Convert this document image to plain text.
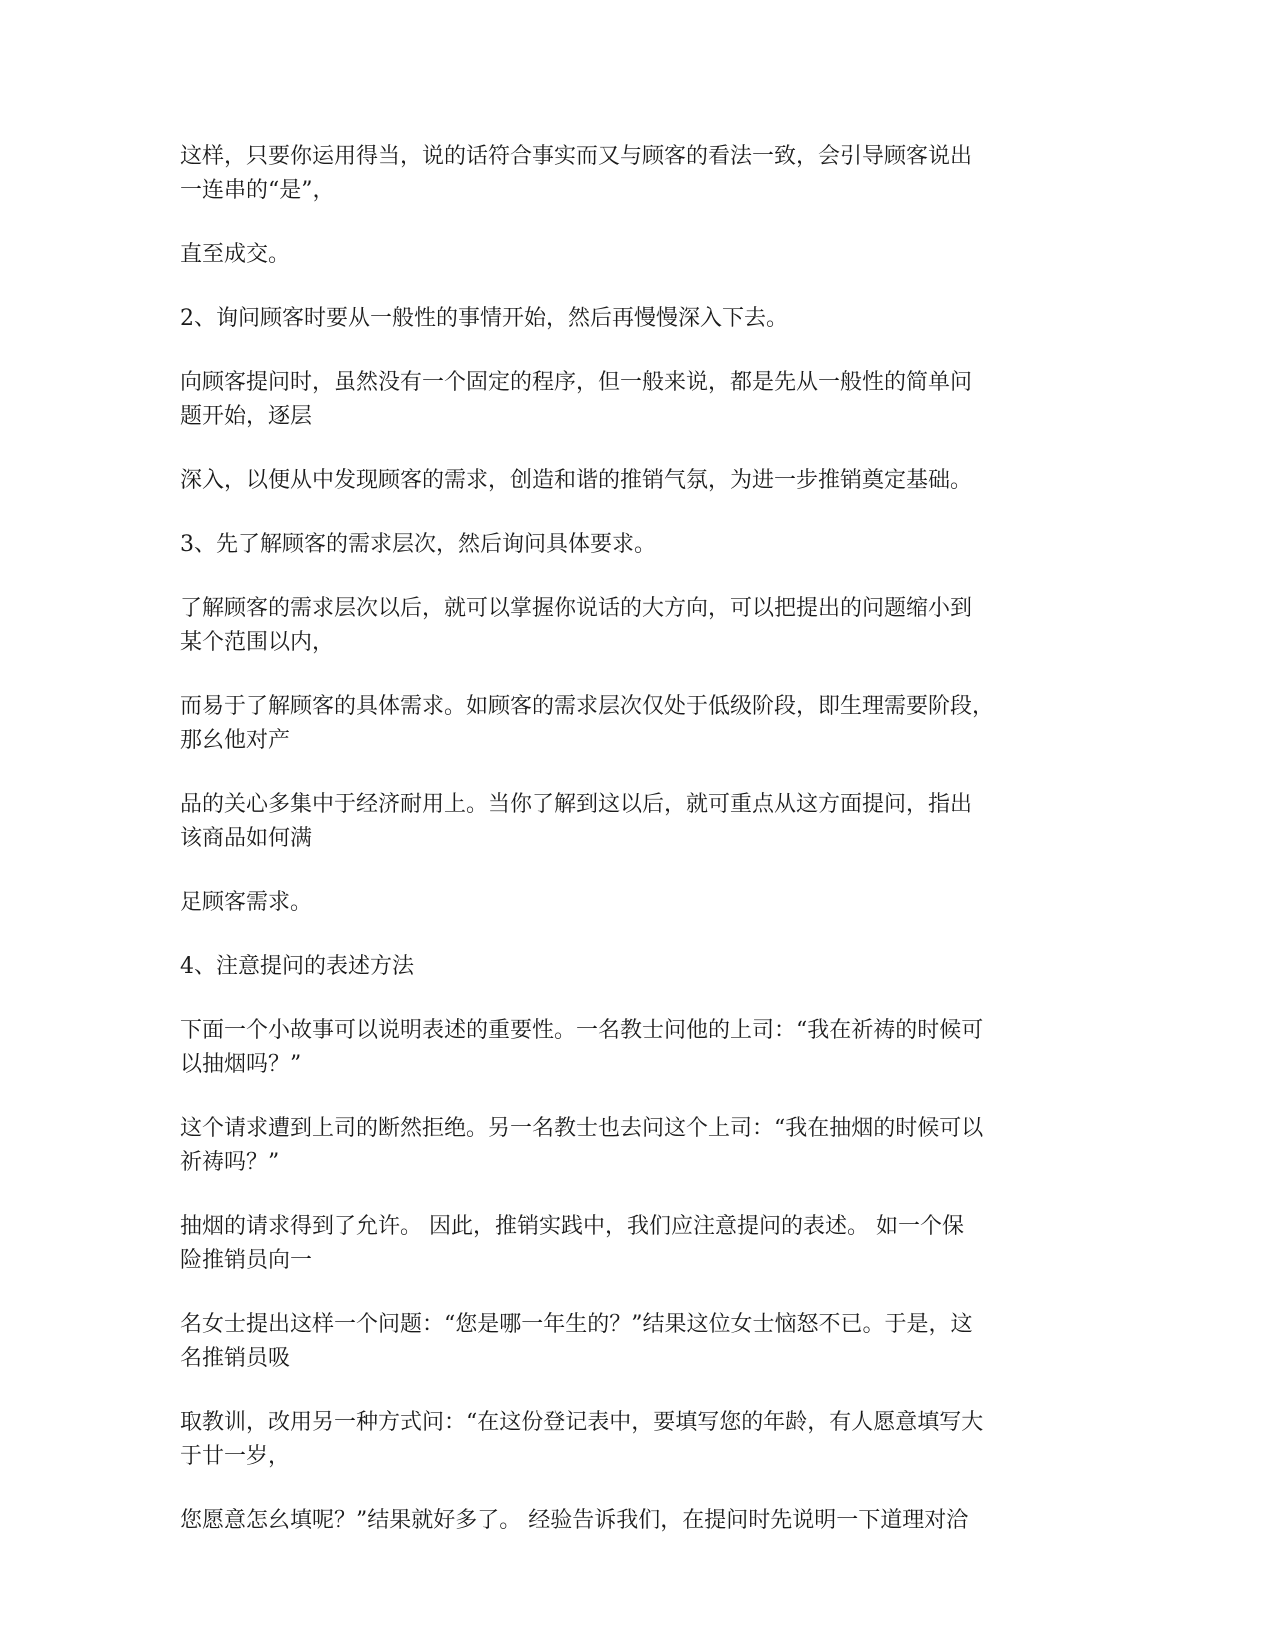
这样，只要你运用得当，说的话符合事实而又与顾客的看法一致，会引导顾客说出
一连串的“是”，

直至成交。

2、询问顾客时要从一般性的事情开始，然后再慢慢深入下去。

向顾客提问时，虽然没有一个固定的程序，但一般来说，都是先从一般性的简单问
题开始，逐层

深入，以便从中发现顾客的需求，创造和谐的推销气氛，为进一步推销奠定基础。

3、先了解顾客的需求层次，然后询问具体要求。

了解顾客的需求层次以后，就可以掌握你说话的大方向，可以把提出的问题缩小到
某个范围以内，

而易于了解顾客的具体需求。如顾客的需求层次仅处于低级阶段，即生理需要阶段，
那幺他对产

品的关心多集中于经济耐用上。当你了解到这以后，就可重点从这方面提问，指出
该商品如何满

足顾客需求。

4、注意提问的表述方法

下面一个小故事可以说明表述的重要性。一名教士问他的上司：“我在祈祷的时候可
以抽烟吗？”

这个请求遭到上司的断然拒绝。另一名教士也去问这个上司：“我在抽烟的时候可以
祈祷吗？”

抽烟的请求得到了允许。 因此，推销实践中，我们应注意提问的表述。 如一个保
险推销员向一

名女士提出这样一个问题：“您是哪一年生的？”结果这位女士恼怒不已。于是，这
名推销员吸

取教训，改用另一种方式问：“在这份登记表中，要填写您的年龄，有人愿意填写大
于廿一岁，

您愿意怎幺填呢？”结果就好多了。 经验告诉我们，在提问时先说明一下道理对洽
